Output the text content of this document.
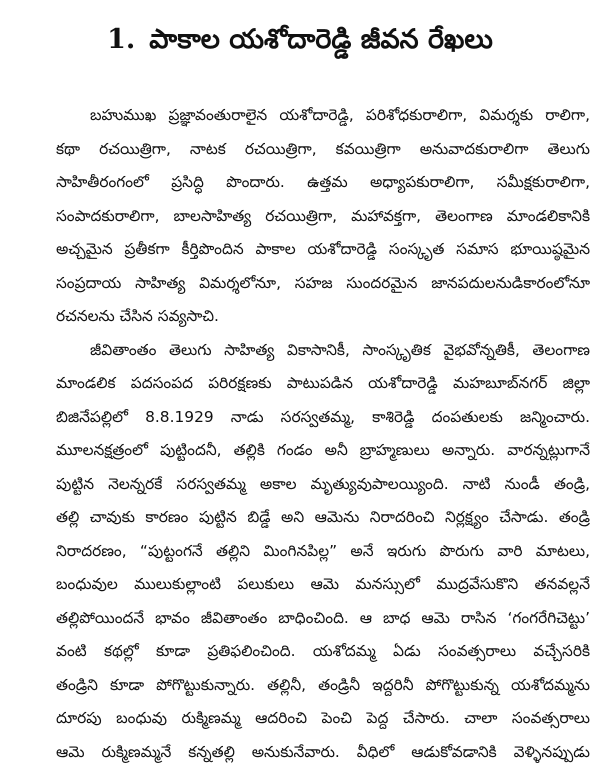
1. పాకాల యశోదారెడ్డి జీవన రేఖలు
బహుముఖ ప్రజ్ఞావంతురాలైన యశోదారెడ్డి, పరిశోధకురాలిగా, విమర్శకు రాలిగా,
కథా రచయిత్రిగా, నాటక రచయిత్రిగా, కవయిత్రిగా అనువాదకురాలిగా తెలుగు
సాహితీరంగంలో ప్రసిద్ధి పొందారు. ఉత్తమ అధ్యాపకురాలిగా, సమీక్షకురాలిగా,
సంపాదకురాలిగా, బాలసాహిత్య రచయిత్రిగా, మహావక్తగా, తెలంగాణ మాండలికానికి
అచ్చమైన ప్రతీకగా కీర్తిపొందిన పాకాల యశోదారెడ్డి సంస్కృత సమాస భూయిష్ఠమైన
సంప్రదాయ సాహిత్య విమర్శలోనూ, సహజ సుందరమైన జానపదులనుడికారంలోనూ
రచనలను చేసిన సవ్యసాచి.
జీవితాంతం తెలుగు సాహిత్య వికాసానికీ, సాంస్కృతిక వైభవోన్నతికీ, తెలంగాణ
మాండలిక పదసంపద పరిరక్షణకు పాటుపడిన యశోదారెడ్డి మహబూబ్‌నగర్ జిల్లా
బిజినేపల్లిలో 8.8.1929 నాడు సరస్వతమ్మ, కాశిరెడ్డి దంపతులకు జన్మించారు.
మూలనక్షత్రంలో పుట్టిందనీ, తల్లికి గండం అనీ బ్రాహ్మణులు అన్నారు. వారన్నట్లుగానే
పుట్టిన నెలన్నరకే సరస్వతమ్మ అకాల మృత్యువుపాలయ్యింది. నాటి నుండీ తండ్రి,
తల్లి చావుకు కారణం పుట్టిన బిడ్డే అని ఆమెను నిరాదరించి నిర్లక్ష్యం చేసాడు. తండ్రి
నిరాదరణం, “పుట్టంగనే తల్లిని మింగినపిల్ల” అనే ఇరుగు పొరుగు వారి మాటలు,
బంధువుల ములుకుల్లాంటి పలుకులు ఆమె మనస్సులో ముద్రవేసుకొని తనవల్లనే
తల్లిపోయిందనే భావం జీవితాంతం బాధించింది. ఆ బాధ ఆమె రాసిన ‘గంగరేగిచెట్టు’
వంటి కథల్లో కూడా ప్రతిఫలించింది. యశోదమ్మ ఏడు సంవత్సరాలు వచ్చేసరికి
తండ్రిని కూడా పోగొట్టుకున్నారు. తల్లినీ, తండ్రినీ ఇద్దరినీ పోగొట్టుకున్న యశోదమ్మను
దూరపు బంధువు రుక్మిణమ్మ ఆదరించి పెంచి పెద్ద చేసారు. చాలా సంవత్సరాలు
ఆమె రుక్మిణమ్మనే కన్నతల్లి అనుకునేవారు. వీధిలో ఆడుకోవడానికి వెళ్ళినప్పుడు
